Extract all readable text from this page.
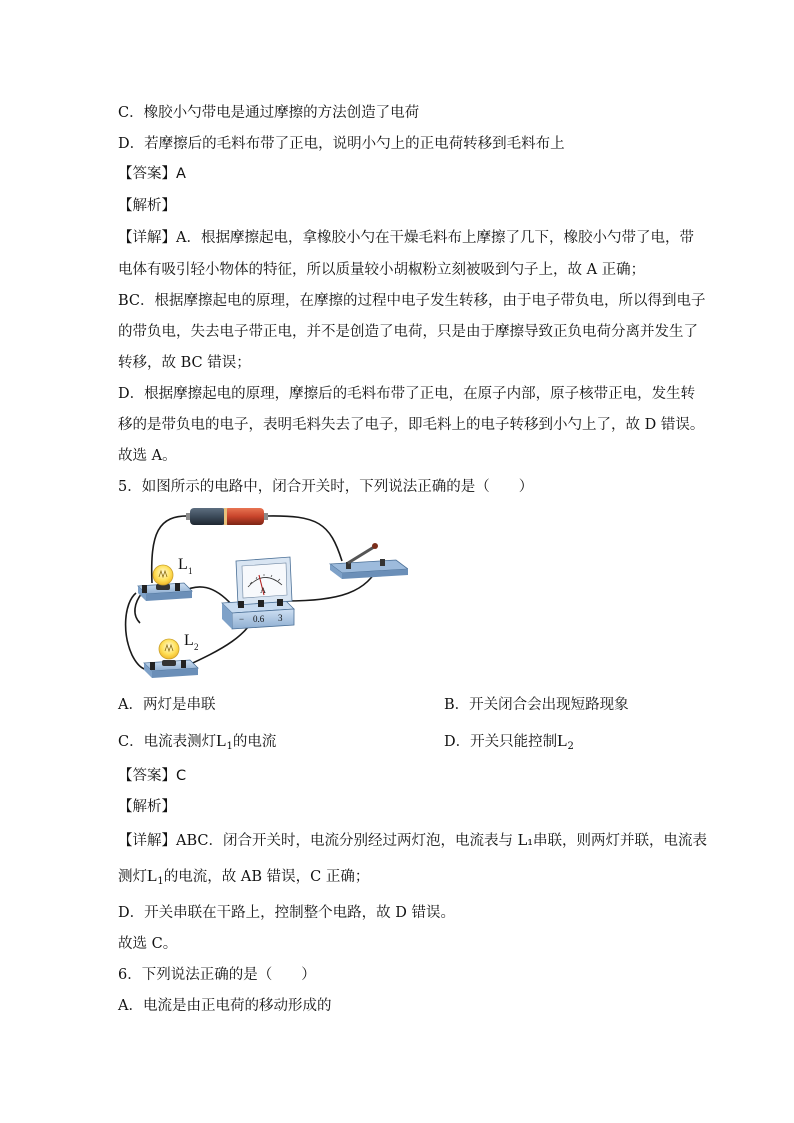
C．橡胶小勺带电是通过摩擦的方法创造了电荷
D．若摩擦后的毛料布带了正电，说明小勺上的正电荷转移到毛料布上
【答案】A
【解析】
【详解】A．根据摩擦起电，拿橡胶小勺在干燥毛料布上摩擦了几下，橡胶小勺带了电，带
电体有吸引轻小物体的特征，所以质量较小胡椒粉立刻被吸到勺子上，故 A 正确；
BC．根据摩擦起电的原理，在摩擦的过程中电子发生转移，由于电子带负电，所以得到电子
的带负电，失去电子带正电，并不是创造了电荷，只是由于摩擦导致正负电荷分离并发生了
转移，故 BC 错误；
D．根据摩擦起电的原理，摩擦后的毛料布带了正电，在原子内部，原子核带正电，发生转
移的是带负电的电子，表明毛料失去了电子，即毛料上的电子转移到小勺上了，故 D 错误。
故选 A。
5．如图所示的电路中，闭合开关时，下列说法正确的是（　　）
L 1
L 2
A
− 0.6 3
A．两灯是串联	B．开关闭合会出现短路现象
C．电流表测灯$L_1$的电流	D．开关只能控制$L_2$
【答案】C
【解析】
【详解】ABC．闭合开关时，电流分别经过两灯泡，电流表与 L₁串联，则两灯并联，电流表
测灯$L_1$的电流，故 AB 错误，C 正确；
D．开关串联在干路上，控制整个电路，故 D 错误。
故选 C。
6．下列说法正确的是（　　）
A．电流是由正电荷的移动形成的
